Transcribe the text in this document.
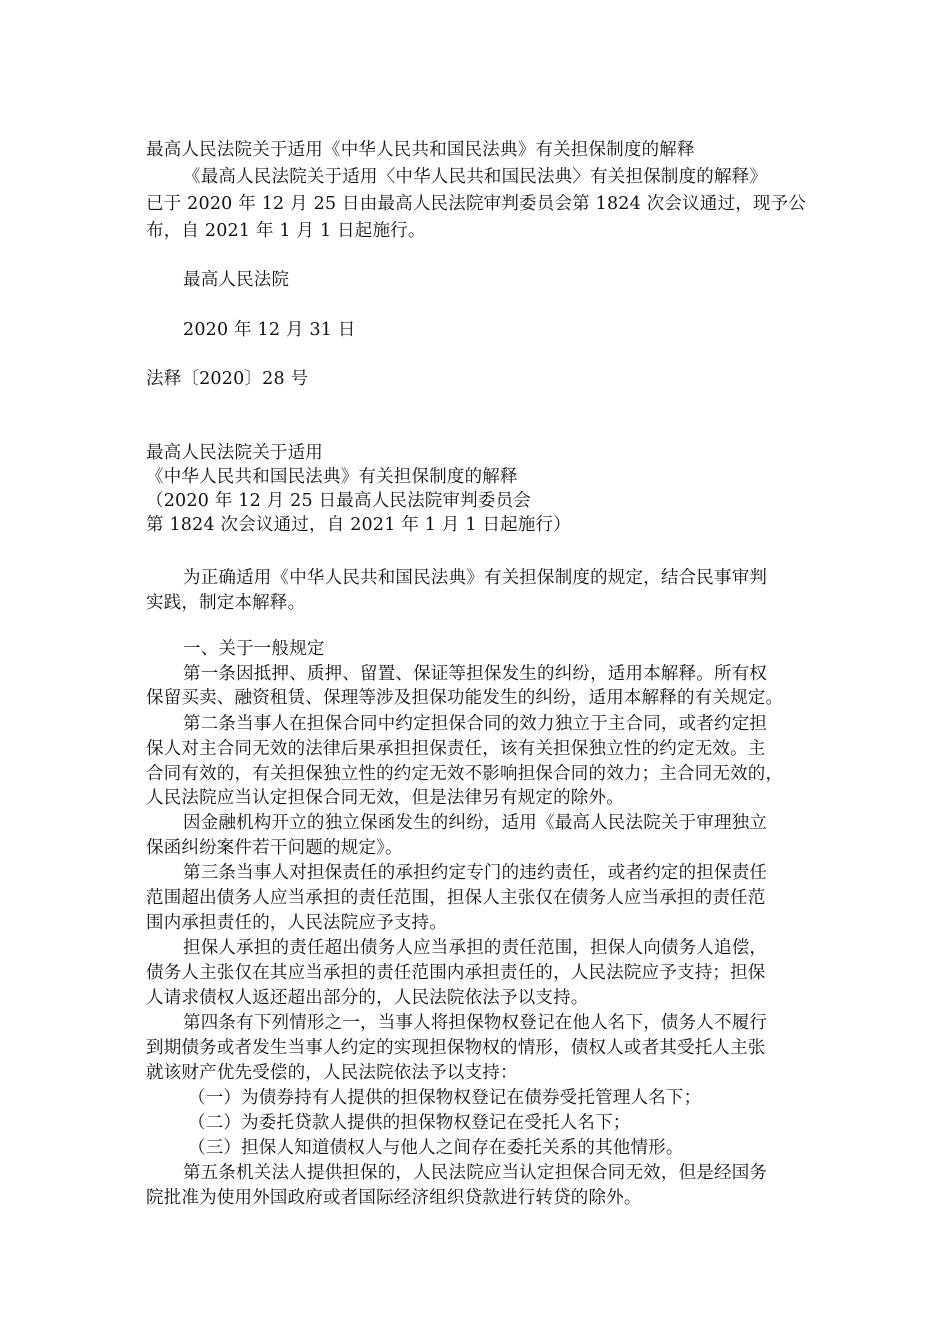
最高人民法院关于适用《中华人民共和国民法典》有关担保制度的解释
《最高人民法院关于适用〈中华人民共和国民法典〉有关担保制度的解释》
已于 2020 年 12 月 25 日由最高人民法院审判委员会第 1824 次会议通过，现予公
布，自 2021 年 1 月 1 日起施行。
最高人民法院
2020 年 12 月 31 日
法释〔2020〕28 号
最高人民法院关于适用
《中华人民共和国民法典》有关担保制度的解释
（2020 年 12 月 25 日最高人民法院审判委员会
第 1824 次会议通过，自 2021 年 1 月 1 日起施行）
为正确适用《中华人民共和国民法典》有关担保制度的规定，结合民事审判
实践，制定本解释。
一、关于一般规定
第一条因抵押、质押、留置、保证等担保发生的纠纷，适用本解释。所有权
保留买卖、融资租赁、保理等涉及担保功能发生的纠纷，适用本解释的有关规定。
第二条当事人在担保合同中约定担保合同的效力独立于主合同，或者约定担
保人对主合同无效的法律后果承担担保责任，该有关担保独立性的约定无效。主
合同有效的，有关担保独立性的约定无效不影响担保合同的效力；主合同无效的，
人民法院应当认定担保合同无效，但是法律另有规定的除外。
因金融机构开立的独立保函发生的纠纷，适用《最高人民法院关于审理独立
保函纠纷案件若干问题的规定》。
第三条当事人对担保责任的承担约定专门的违约责任，或者约定的担保责任
范围超出债务人应当承担的责任范围，担保人主张仅在债务人应当承担的责任范
围内承担责任的，人民法院应予支持。
担保人承担的责任超出债务人应当承担的责任范围，担保人向债务人追偿，
债务人主张仅在其应当承担的责任范围内承担责任的，人民法院应予支持；担保
人请求债权人返还超出部分的，人民法院依法予以支持。
第四条有下列情形之一，当事人将担保物权登记在他人名下，债务人不履行
到期债务或者发生当事人约定的实现担保物权的情形，债权人或者其受托人主张
就该财产优先受偿的，人民法院依法予以支持：
（一）为债券持有人提供的担保物权登记在债券受托管理人名下；
（二）为委托贷款人提供的担保物权登记在受托人名下；
（三）担保人知道债权人与他人之间存在委托关系的其他情形。
第五条机关法人提供担保的，人民法院应当认定担保合同无效，但是经国务
院批准为使用外国政府或者国际经济组织贷款进行转贷的除外。
